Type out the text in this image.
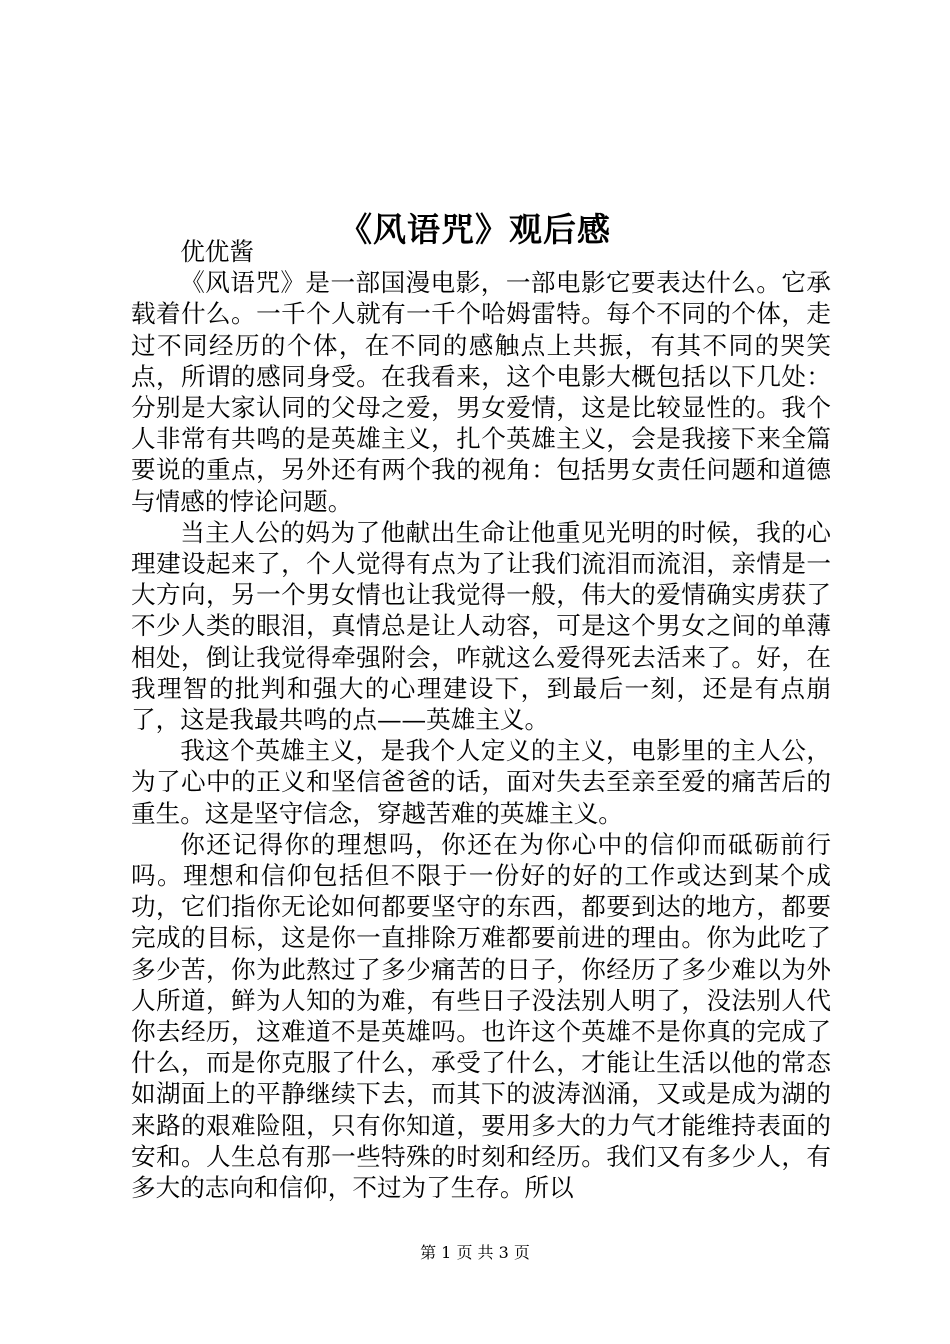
《风语咒》观后感

优优酱

《风语咒》是一部国漫电影，一部电影它要表达什么。它承载着什么。一千个人就有一千个哈姆雷特。每个不同的个体，走过不同经历的个体，在不同的感触点上共振，有其不同的哭笑点，所谓的感同身受。在我看来，这个电影大概包括以下几处：分别是大家认同的父母之爱，男女爱情，这是比较显性的。我个人非常有共鸣的是英雄主义，扎个英雄主义，会是我接下来全篇要说的重点，另外还有两个我的视角：包括男女责任问题和道德与情感的悖论问题。

当主人公的妈为了他献出生命让他重见光明的时候，我的心理建设起来了，个人觉得有点为了让我们流泪而流泪，亲情是一大方向，另一个男女情也让我觉得一般，伟大的爱情确实虏获了不少人类的眼泪，真情总是让人动容，可是这个男女之间的单薄相处，倒让我觉得牵强附会，咋就这么爱得死去活来了。好，在我理智的批判和强大的心理建设下，到最后一刻，还是有点崩了，这是我最共鸣的点——英雄主义。

我这个英雄主义，是我个人定义的主义，电影里的主人公，为了心中的正义和坚信爸爸的话，面对失去至亲至爱的痛苦后的重生。这是坚守信念，穿越苦难的英雄主义。

你还记得你的理想吗，你还在为你心中的信仰而砥砺前行吗。理想和信仰包括但不限于一份好的好的工作或达到某个成功，它们指你无论如何都要坚守的东西，都要到达的地方，都要完成的目标，这是你一直排除万难都要前进的理由。你为此吃了多少苦，你为此熬过了多少痛苦的日子，你经历了多少难以为外人所道，鲜为人知的为难，有些日子没法别人明了，没法别人代你去经历，这难道不是英雄吗。也许这个英雄不是你真的完成了什么，而是你克服了什么，承受了什么，才能让生活以他的常态如湖面上的平静继续下去，而其下的波涛汹涌，又或是成为湖的来路的艰难险阻，只有你知道，要用多大的力气才能维持表面的安和。人生总有那一些特殊的时刻和经历。我们又有多少人，有多大的志向和信仰，不过为了生存。所以

第 1 页 共 3 页
